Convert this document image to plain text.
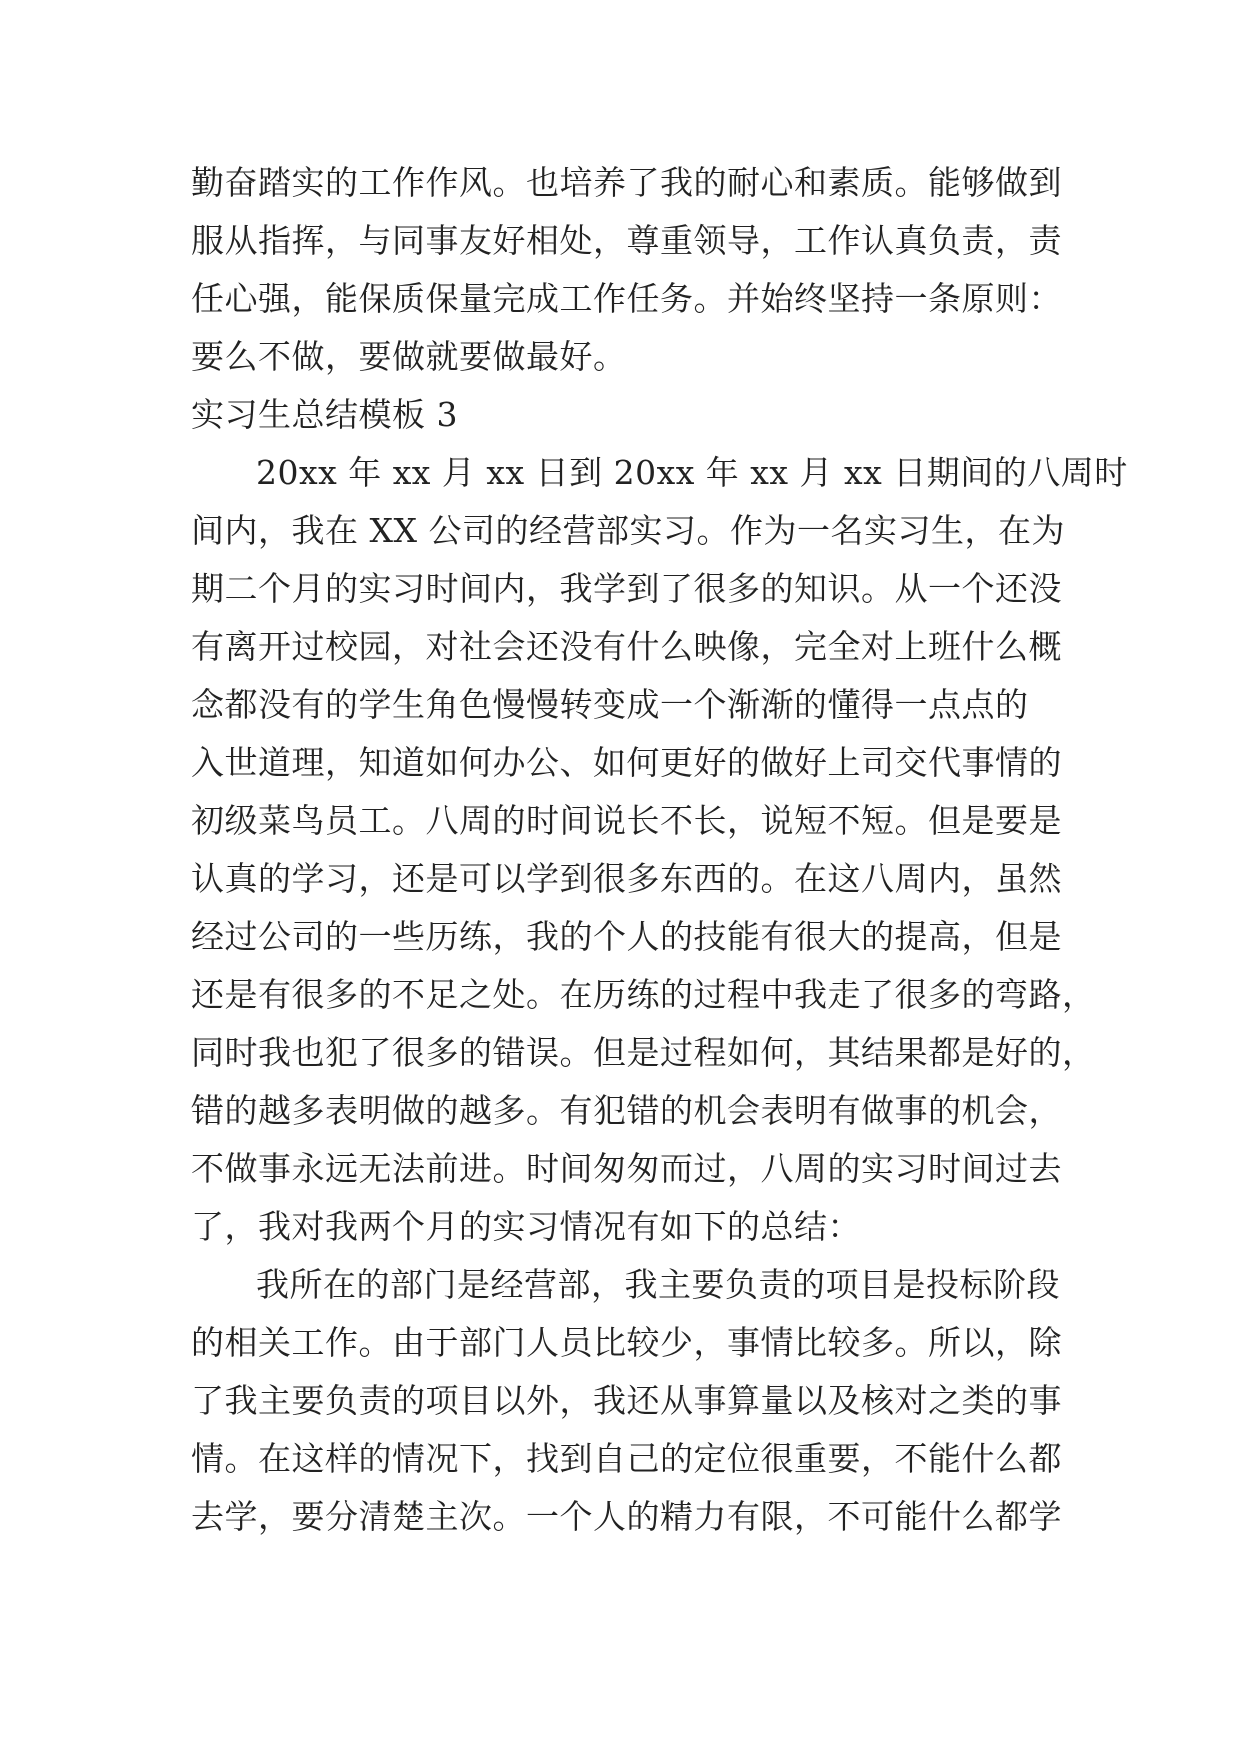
勤奋踏实的工作作风。也培养了我的耐心和素质。能够做到
服从指挥，与同事友好相处，尊重领导，工作认真负责，责
任心强，能保质保量完成工作任务。并始终坚持一条原则：
要么不做，要做就要做最好。
实习生总结模板 3
20xx 年 xx 月 xx 日到 20xx 年 xx 月 xx 日期间的八周时
间内，我在 XX 公司的经营部实习。作为一名实习生，在为
期二个月的实习时间内，我学到了很多的知识。从一个还没
有离开过校园，对社会还没有什么映像，完全对上班什么概
念都没有的学生角色慢慢转变成一个渐渐的懂得一点点的
入世道理，知道如何办公、如何更好的做好上司交代事情的
初级菜鸟员工。八周的时间说长不长，说短不短。但是要是
认真的学习，还是可以学到很多东西的。在这八周内，虽然
经过公司的一些历练，我的个人的技能有很大的提高，但是
还是有很多的不足之处。在历练的过程中我走了很多的弯路，
同时我也犯了很多的错误。但是过程如何，其结果都是好的，
错的越多表明做的越多。有犯错的机会表明有做事的机会，
不做事永远无法前进。时间匆匆而过，八周的实习时间过去
了，我对我两个月的实习情况有如下的总结：
我所在的部门是经营部，我主要负责的项目是投标阶段
的相关工作。由于部门人员比较少，事情比较多。所以，除
了我主要负责的项目以外，我还从事算量以及核对之类的事
情。在这样的情况下，找到自己的定位很重要，不能什么都
去学，要分清楚主次。一个人的精力有限，不可能什么都学
